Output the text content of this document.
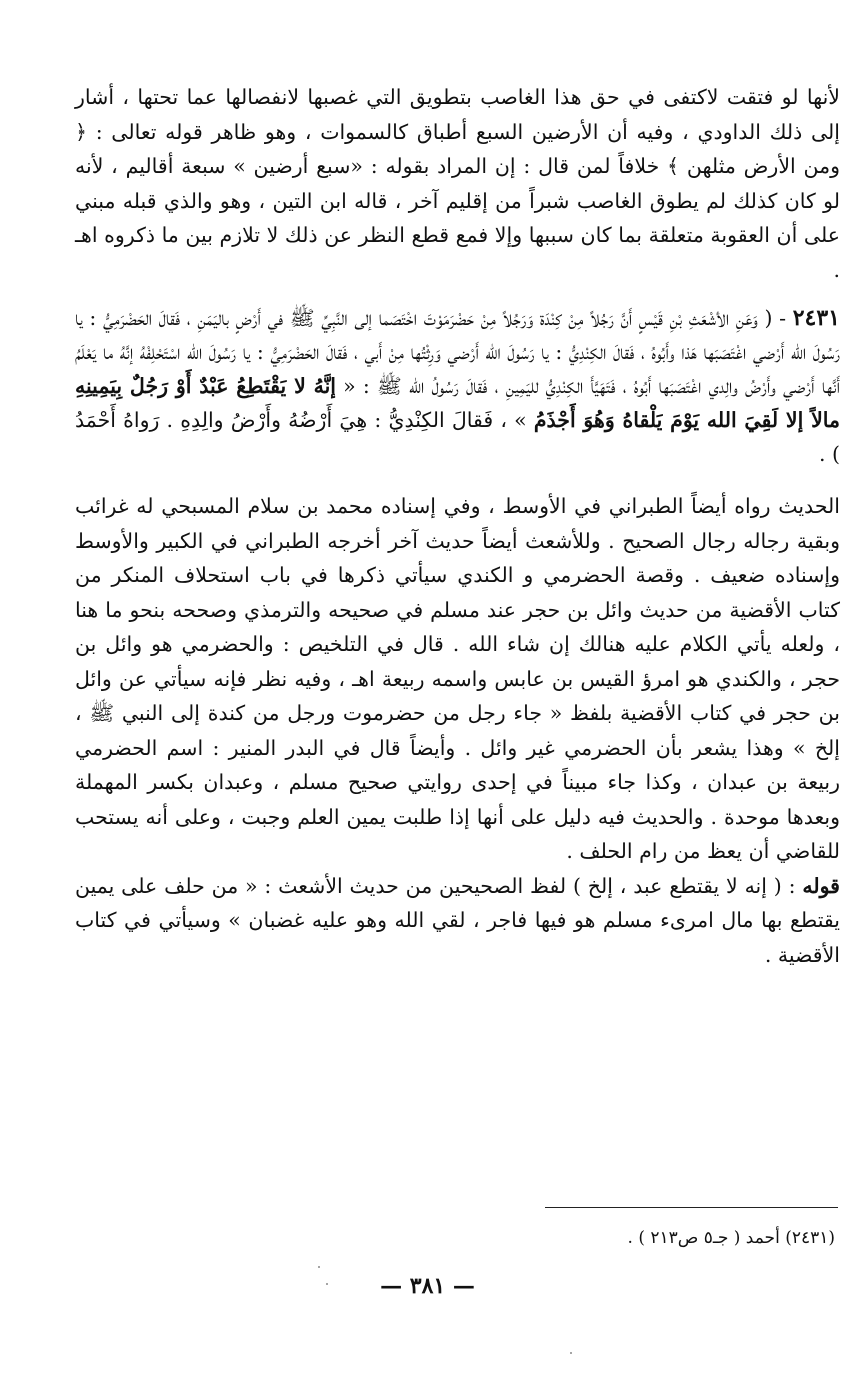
لأنها لو فتقت لاكتفى في حق هذا الغاصب بتطويق التي غصبها لانفصالها عما تحتها ، أشار إلى ذلك الداودي ، وفيه أن الأرضين السبع أطباق كالسموات ، وهو ظاهر قوله تعالى : ﴿ ومن الأرض مثلهن ﴾ خلافاً لمن قال : إن المراد بقوله : «سبع أرضين » سبعة أقاليم ، لأنه لو كان كذلك لم يطوق الغاصب شبراً من إقليم آخر ، قاله ابن التين ، وهو والذي قبله مبني على أن العقوبة متعلقة بما كان سببها وإلا فمع قطع النظر عن ذلك لا تلازم بين ما ذكروه اهـ .

٢٤٣١ - ( وَعَنِ الأشْعَثِ بْنِ قَيْسٍ أَنَّ رَجُلاً مِنْ كِنْدَة وَرَجُلاً مِنْ حَضْرَمَوْتَ اخْتَصَما إلى النَّبِيِّ ﷺ في أَرْضٍ باليَمَنِ ، فَقالَ الحَضْرَمِيُّ : يا رَسُولَ الله أَرْضي اغْتَصَبَها هَذا وأَبُوهُ ، فَقالَ الكِنْدِيُّ : يا رَسُولَ الله أَرْضي وَرِثْتُها مِنْ أَبي ، فَقالَ الحَضْرَمِيُّ : يا رَسُولَ الله اسْتَحْلِفْهُ إنَّهُ ما يَعْلَمُ أَنَّها أَرْضي وأَرْضُ والِدي اغْتَصَبَها أَبُوهُ ، فَتَهَيَّأَ الكِنْدِيُّ لليَمِينِ ، فَقالَ رَسُولُ الله ﷺ : « إنَّهُ لا يَقْتَطِعُ عَبْدٌ أَوْ رَجُلٌ بِيَمِينِهِ مالاً إلا لَقِيَ الله يَوْمَ يَلْقاهُ وَهُوَ أَجْذَمُ » ، فَقالَ الكِنْدِيُّ : هِيَ أَرْضُهُ وأَرْضُ والِدِهِ . رَواهُ أَحْمَدُ ) .

الحديث رواه أيضاً الطبراني في الأوسط ، وفي إسناده محمد بن سلام المسبحي له غرائب وبقية رجاله رجال الصحيح . وللأشعث أيضاً حديث آخر أخرجه الطبراني في الكبير والأوسط وإسناده ضعيف . وقصة الحضرمي و الكندي سيأتي ذكرها في باب استحلاف المنكر من كتاب الأقضية من حديث وائل بن حجر عند مسلم في صحيحه والترمذي وصححه بنحو ما هنا ، ولعله يأتي الكلام عليه هنالك إن شاء الله . قال في التلخيص : والحضرمي هو وائل بن حجر ، والكندي هو امرؤ القيس بن عابس واسمه ربيعة اهـ ، وفيه نظر فإنه سيأتي عن وائل بن حجر في كتاب الأقضية بلفظ « جاء رجل من حضرموت ورجل من كندة إلى النبي ﷺ ، إلخ » وهذا يشعر بأن الحضرمي غير وائل . وأيضاً قال في البدر المنير : اسم الحضرمي ربيعة بن عبدان ، وكذا جاء مبيناً في إحدى روايتي صحيح مسلم ، وعبدان بكسر المهملة وبعدها موحدة . والحديث فيه دليل على أنها إذا طلبت يمين العلم وجبت ، وعلى أنه يستحب للقاضي أن يعظ من رام الحلف .

قوله : ( إنه لا يقتطع عبد ، إلخ ) لفظ الصحيحين من حديث الأشعث : « من حلف على يمين يقتطع بها مال امرىء مسلم هو فيها فاجر ، لقي الله وهو عليه غضبان » وسيأتي في كتاب الأقضية .

(٢٤٣١) أحمد ( جـ٥ ص٢١٣ ) .
— ٣٨١ —
